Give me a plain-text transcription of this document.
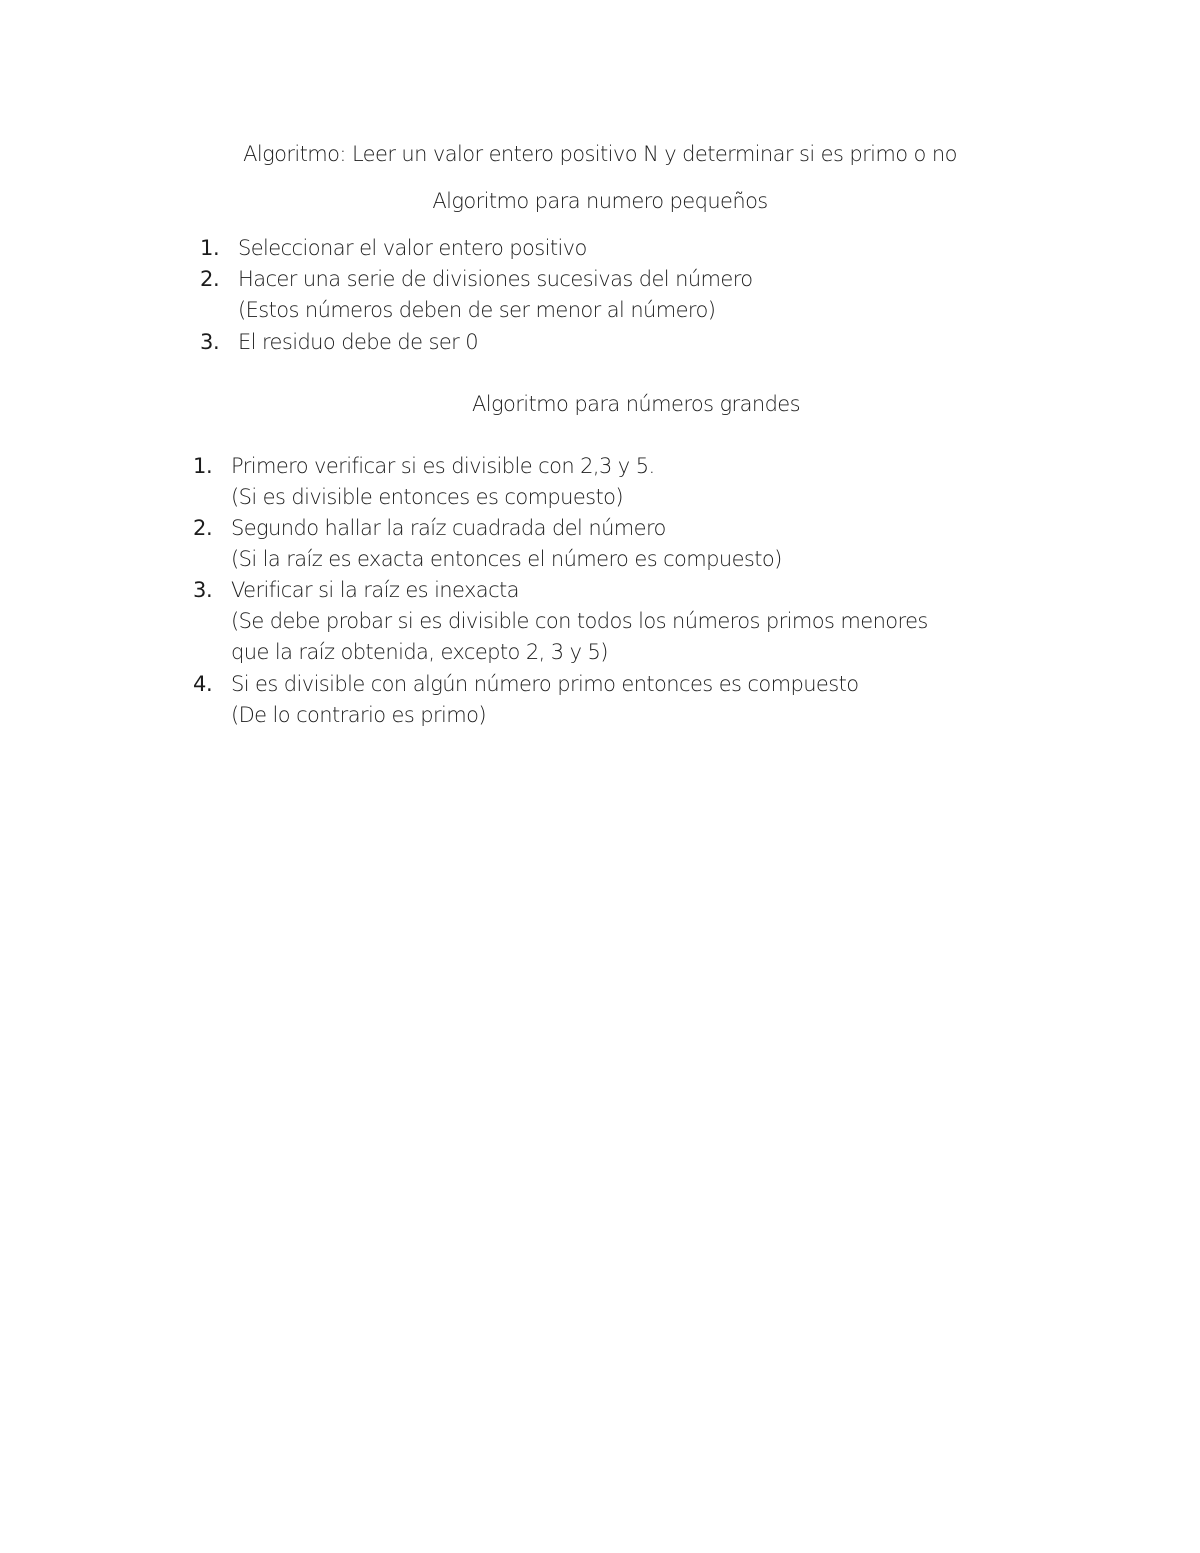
Algoritmo: Leer un valor entero positivo N y determinar si es primo o no
Algoritmo para numero pequeños
1. Seleccionar el valor entero positivo
2. Hacer una serie de divisiones sucesivas del número
(Estos números deben de ser menor al número)
3. El residuo debe de ser 0
Algoritmo para números grandes
1. Primero verificar si es divisible con 2,3 y 5.
(Si es divisible entonces es compuesto)
2. Segundo hallar la raíz cuadrada del número
(Si la raíz es exacta entonces el número es compuesto)
3. Verificar si la raíz es inexacta
(Se debe probar si es divisible con todos los números primos menores
que la raíz obtenida, excepto 2, 3 y 5)
4. Si es divisible con algún número primo entonces es compuesto
(De lo contrario es primo)
